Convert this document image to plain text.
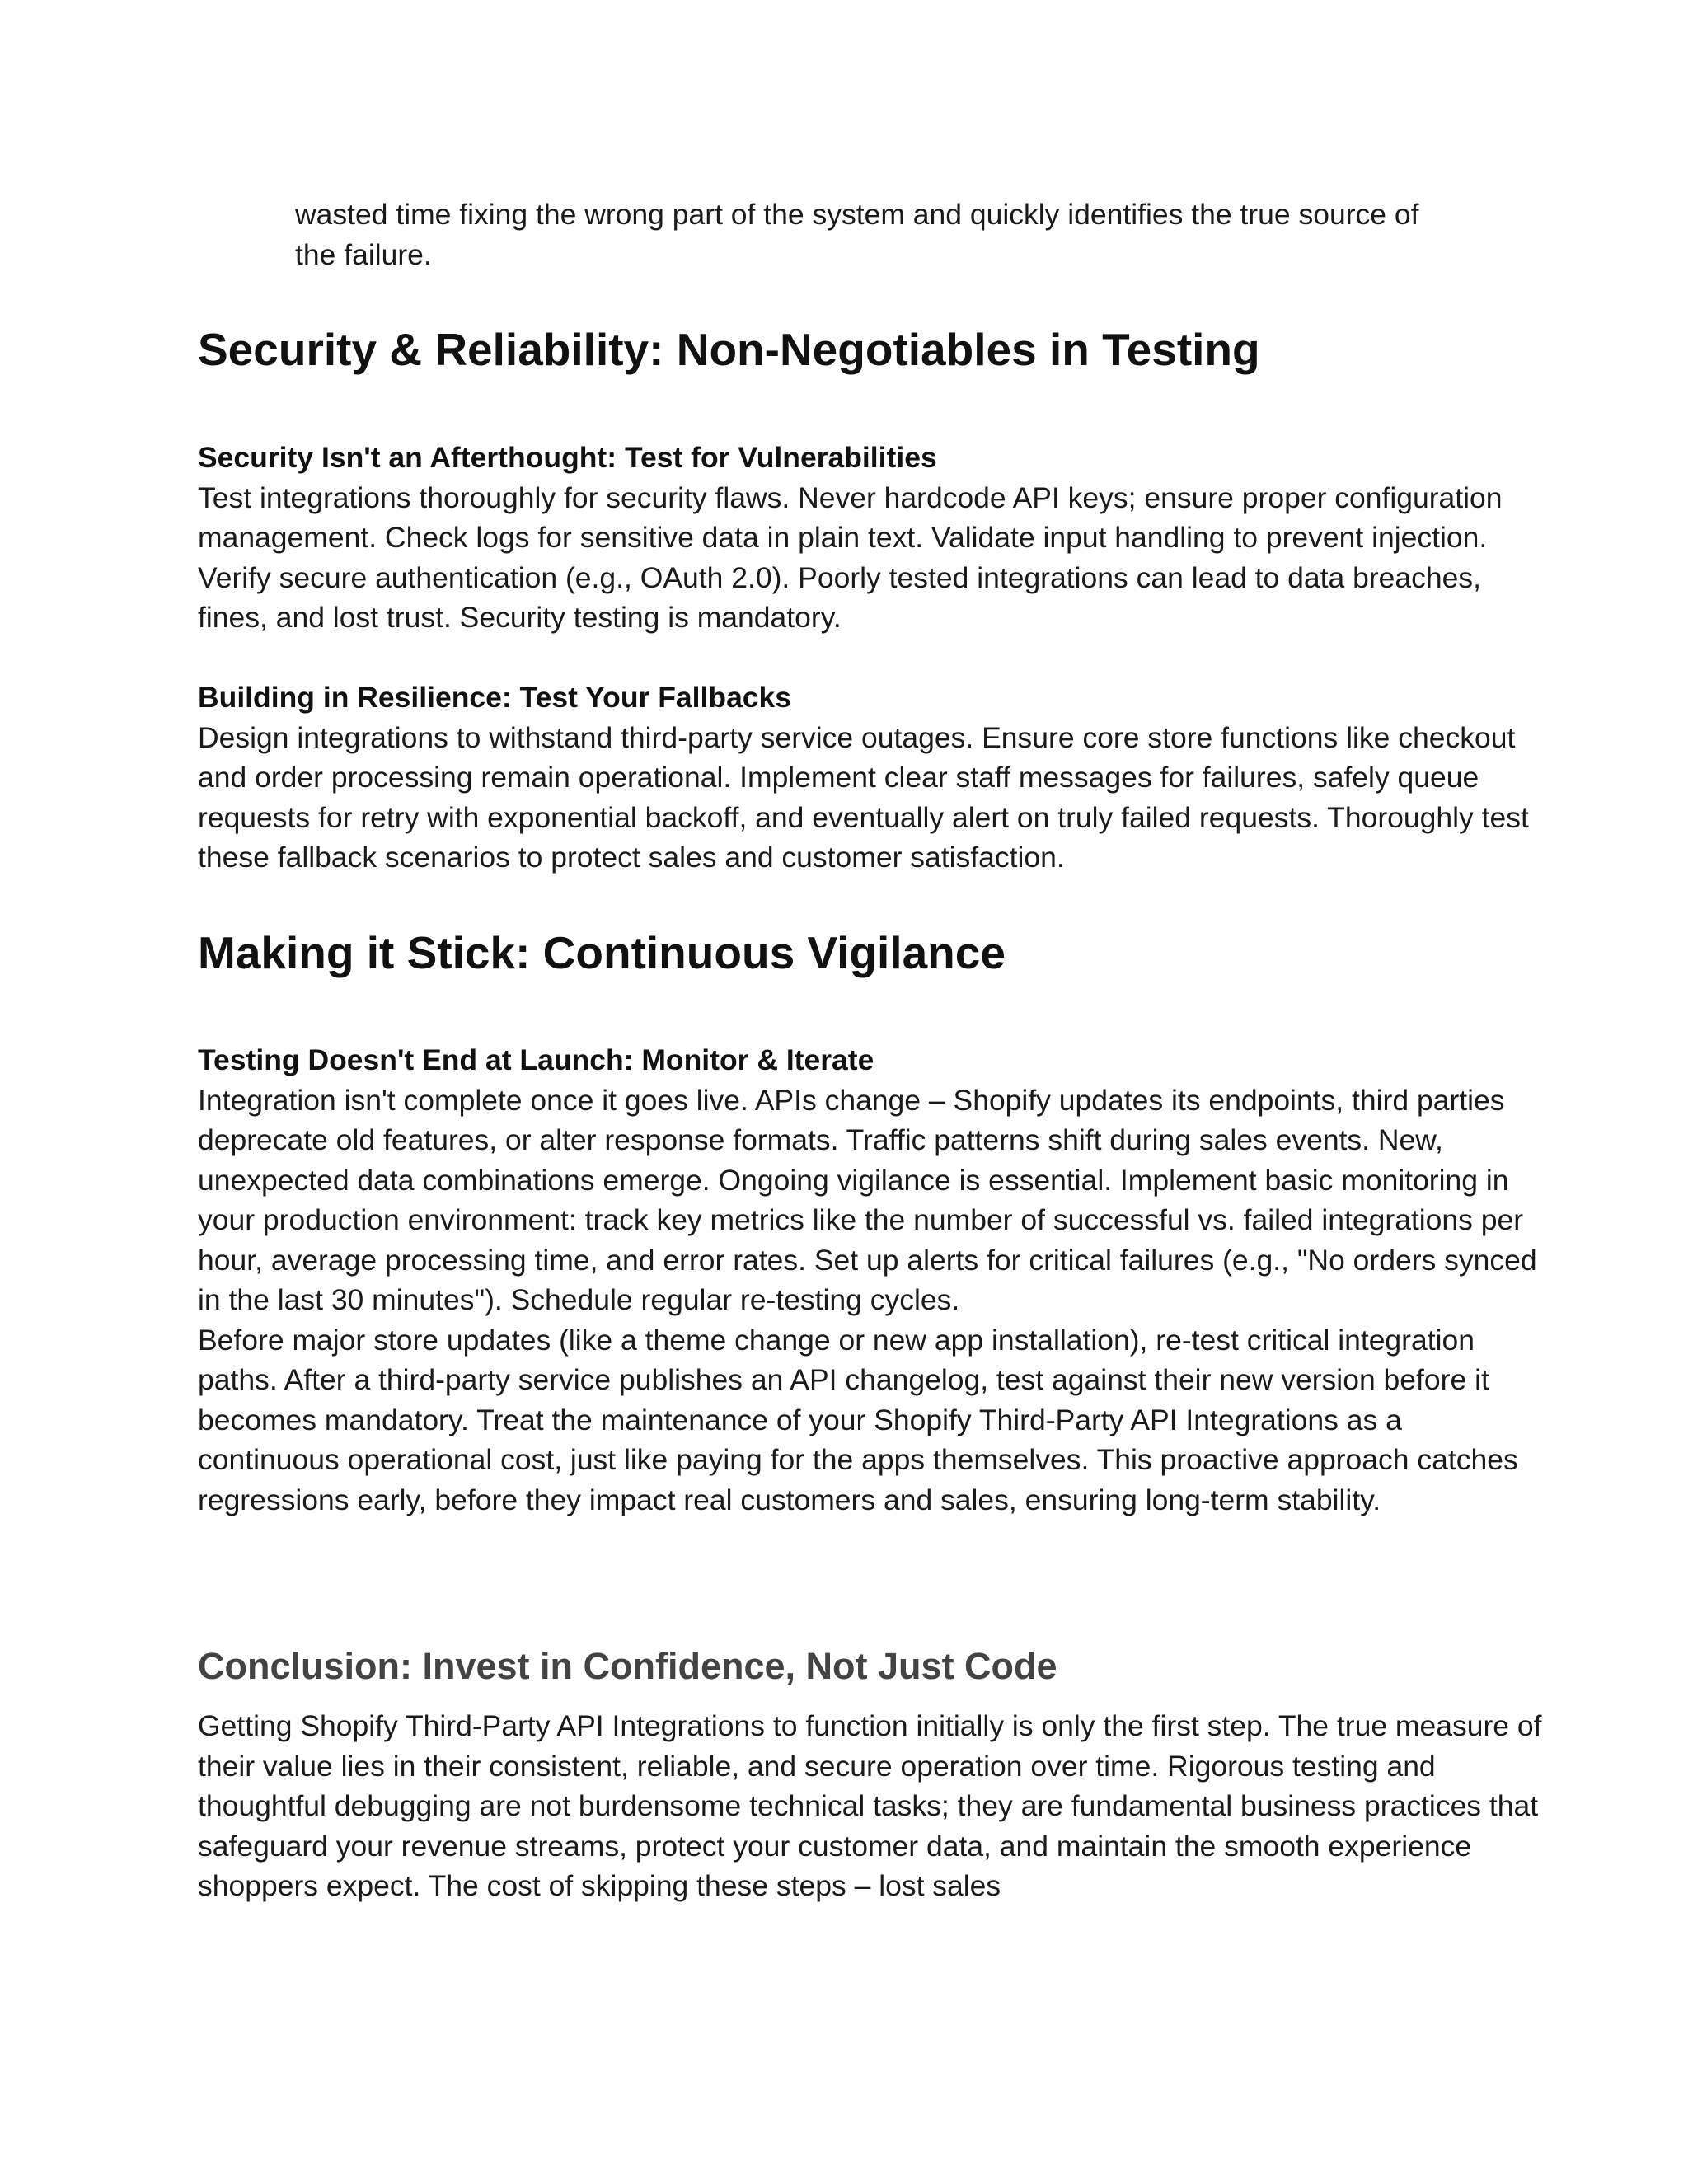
wasted time fixing the wrong part of the system and quickly identifies the true source of the failure.

Security & Reliability: Non-Negotiables in Testing
Security Isn't an Afterthought: Test for Vulnerabilities
Test integrations thoroughly for security flaws. Never hardcode API keys; ensure proper configuration management. Check logs for sensitive data in plain text. Validate input handling to prevent injection. Verify secure authentication (e.g., OAuth 2.0). Poorly tested integrations can lead to data breaches, fines, and lost trust. Security testing is mandatory.
Building in Resilience: Test Your Fallbacks
Design integrations to withstand third-party service outages. Ensure core store functions like checkout and order processing remain operational. Implement clear staff messages for failures, safely queue requests for retry with exponential backoff, and eventually alert on truly failed requests. Thoroughly test these fallback scenarios to protect sales and customer satisfaction.
Making it Stick: Continuous Vigilance
Testing Doesn't End at Launch: Monitor & Iterate
Integration isn't complete once it goes live. APIs change – Shopify updates its endpoints, third parties deprecate old features, or alter response formats. Traffic patterns shift during sales events. New, unexpected data combinations emerge. Ongoing vigilance is essential. Implement basic monitoring in your production environment: track key metrics like the number of successful vs. failed integrations per hour, average processing time, and error rates. Set up alerts for critical failures (e.g., "No orders synced in the last 30 minutes"). Schedule regular re-testing cycles.
Before major store updates (like a theme change or new app installation), re-test critical integration paths. After a third-party service publishes an API changelog, test against their new version before it becomes mandatory. Treat the maintenance of your Shopify Third-Party API Integrations as a continuous operational cost, just like paying for the apps themselves. This proactive approach catches regressions early, before they impact real customers and sales, ensuring long-term stability.
Conclusion: Invest in Confidence, Not Just Code

Getting Shopify Third-Party API Integrations to function initially is only the first step. The true measure of their value lies in their consistent, reliable, and secure operation over time. Rigorous testing and thoughtful debugging are not burdensome technical tasks; they are fundamental business practices that safeguard your revenue streams, protect your customer data, and maintain the smooth experience shoppers expect. The cost of skipping these steps – lost sales
